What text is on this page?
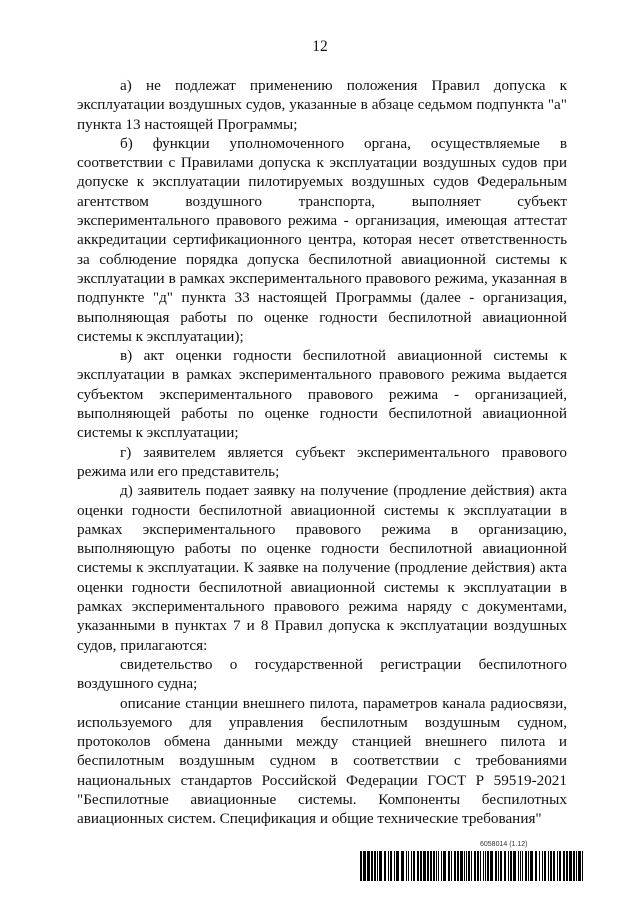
12

а) не подлежат применению положения Правил допуска к эксплуатации воздушных судов, указанные в абзаце седьмом подпункта "а" пункта 13 настоящей Программы;

б) функции уполномоченного органа, осуществляемые в соответствии с Правилами допуска к эксплуатации воздушных судов при допуске к эксплуатации пилотируемых воздушных судов Федеральным агентством воздушного транспорта, выполняет субъект экспериментального правового режима - организация, имеющая аттестат аккредитации сертификационного центра, которая несет ответственность за соблюдение порядка допуска беспилотной авиационной системы к эксплуатации в рамках экспериментального правового режима, указанная в подпункте "д" пункта 33 настоящей Программы (далее - организация, выполняющая работы по оценке годности беспилотной авиационной системы к эксплуатации);

в) акт оценки годности беспилотной авиационной системы к эксплуатации в рамках экспериментального правового режима выдается субъектом экспериментального правового режима - организацией, выполняющей работы по оценке годности беспилотной авиационной системы к эксплуатации;

г) заявителем является субъект экспериментального правового режима или его представитель;

д) заявитель подает заявку на получение (продление действия) акта оценки годности беспилотной авиационной системы к эксплуатации в рамках экспериментального правового режима в организацию, выполняющую работы по оценке годности беспилотной авиационной системы к эксплуатации. К заявке на получение (продление действия) акта оценки годности беспилотной авиационной системы к эксплуатации в рамках экспериментального правового режима наряду с документами, указанными в пунктах 7 и 8 Правил допуска к эксплуатации воздушных судов, прилагаются:

свидетельство о государственной регистрации беспилотного воздушного судна;

описание станции внешнего пилота, параметров канала радиосвязи, используемого для управления беспилотным воздушным судном, протоколов обмена данными между станцией внешнего пилота и беспилотным воздушным судном в соответствии с требованиями национальных стандартов Российской Федерации ГОСТ Р 59519-2021 "Беспилотные авиационные системы. Компоненты беспилотных авиационных систем. Спецификация и общие технические требования"

6058014 (1.12)
